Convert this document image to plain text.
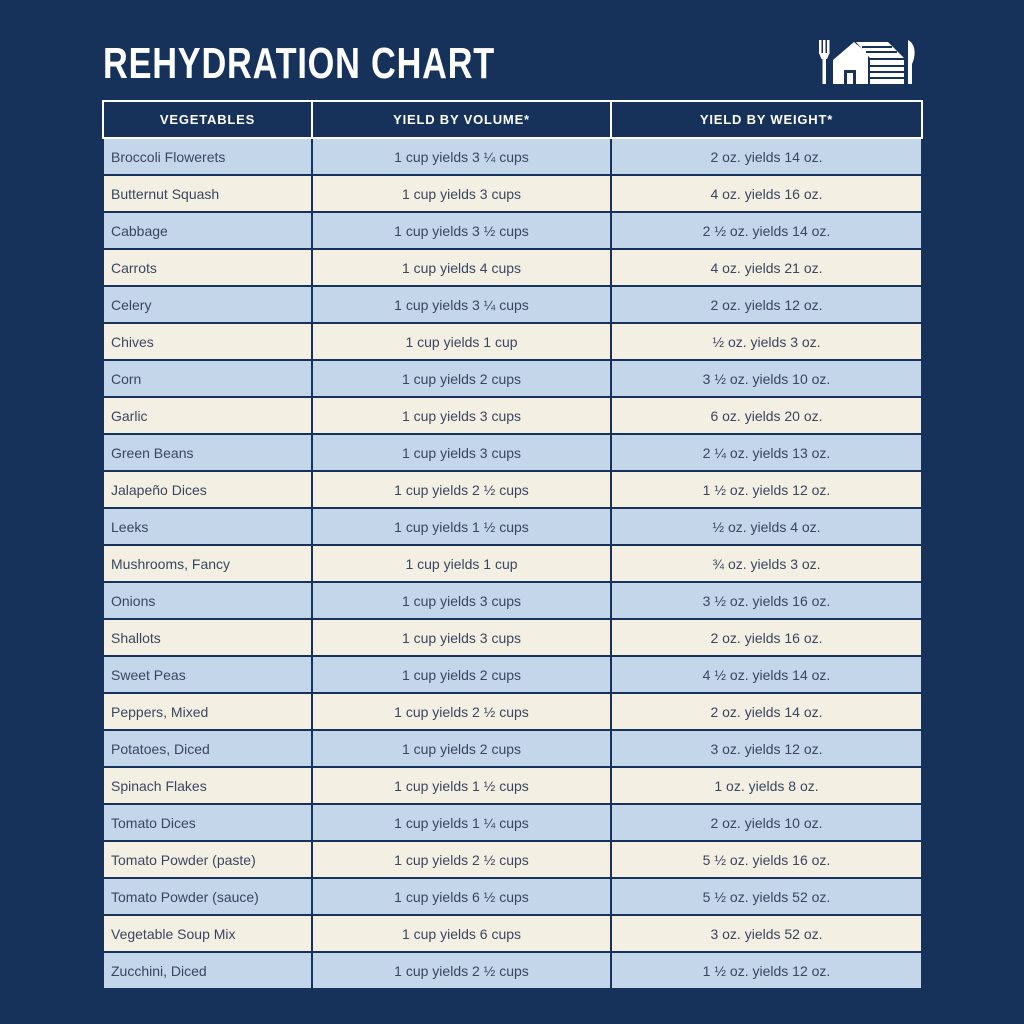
REHYDRATION CHART
VEGETABLES	YIELD BY VOLUME*	YIELD BY WEIGHT*
Broccoli Flowerets	1 cup yields 3 ¼ cups	2 oz. yields 14 oz.
Butternut Squash	1 cup yields 3 cups	4 oz. yields 16 oz.
Cabbage	1 cup yields 3 ½ cups	2 ½ oz. yields 14 oz.
Carrots	1 cup yields 4 cups	4 oz. yields 21 oz.
Celery	1 cup yields 3 ¼ cups	2 oz. yields 12 oz.
Chives	1 cup yields 1 cup	½ oz. yields 3 oz.
Corn	1 cup yields 2 cups	3 ½ oz. yields 10 oz.
Garlic	1 cup yields 3 cups	6 oz. yields 20 oz.
Green Beans	1 cup yields 3 cups	2 ¼ oz. yields 13 oz.
Jalapeño Dices	1 cup yields 2 ½ cups	1 ½ oz. yields 12 oz.
Leeks	1 cup yields 1 ½ cups	½ oz. yields 4 oz.
Mushrooms, Fancy	1 cup yields 1 cup	¾ oz. yields 3 oz.
Onions	1 cup yields 3 cups	3 ½ oz. yields 16 oz.
Shallots	1 cup yields 3 cups	2 oz. yields 16 oz.
Sweet Peas	1 cup yields 2 cups	4 ½ oz. yields 14 oz.
Peppers, Mixed	1 cup yields 2 ½ cups	2 oz. yields 14 oz.
Potatoes, Diced	1 cup yields 2 cups	3 oz. yields 12 oz.
Spinach Flakes	1 cup yields 1 ½ cups	1 oz. yields 8 oz.
Tomato Dices	1 cup yields 1 ¼ cups	2 oz. yields 10 oz.
Tomato Powder (paste)	1 cup yields 2 ½ cups	5 ½ oz. yields 16 oz.
Tomato Powder (sauce)	1 cup yields 6 ½ cups	5 ½ oz. yields 52 oz.
Vegetable Soup Mix	1 cup yields 6 cups	3 oz. yields 52 oz.
Zucchini, Diced	1 cup yields 2 ½ cups	1 ½ oz. yields 12 oz.
